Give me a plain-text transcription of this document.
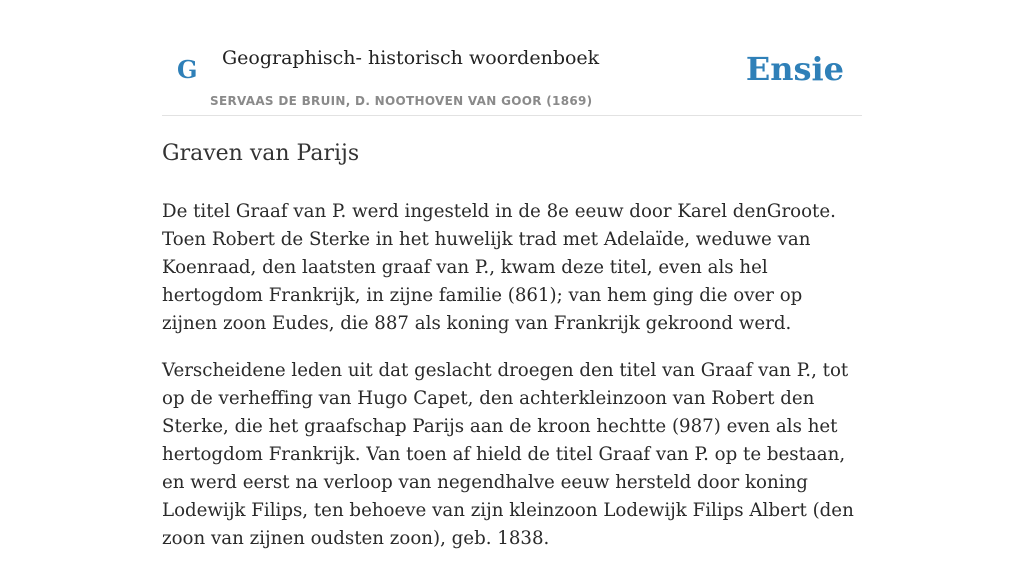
G Geographisch- historisch woordenboek
SERVAAS DE BRUIN, D. NOOTHOVEN VAN GOOR (1869)
Ensie
Graven van Parijs

De titel Graaf van P. werd ingesteld in de 8e eeuw door Karel denGroote. Toen Robert de Sterke in het huwelijk trad met Adelaïde, weduwe van Koenraad, den laatsten graaf van P., kwam deze titel, even als hel hertogdom Frankrijk, in zijne familie (861); van hem ging die over op zijnen zoon Eudes, die 887 als koning van Frankrijk gekroond werd.

Verscheidene leden uit dat geslacht droegen den titel van Graaf van P., tot op de verheffing van Hugo Capet, den achterkleinzoon van Robert den Sterke, die het graafschap Parijs aan de kroon hechtte (987) even als het hertogdom Frankrijk. Van toen af hield de titel Graaf van P. op te bestaan, en werd eerst na verloop van negendhalve eeuw hersteld door koning Lodewijk Filips, ten behoeve van zijn kleinzoon Lodewijk Filips Albert (den zoon van zijnen oudsten zoon), geb. 1838.
